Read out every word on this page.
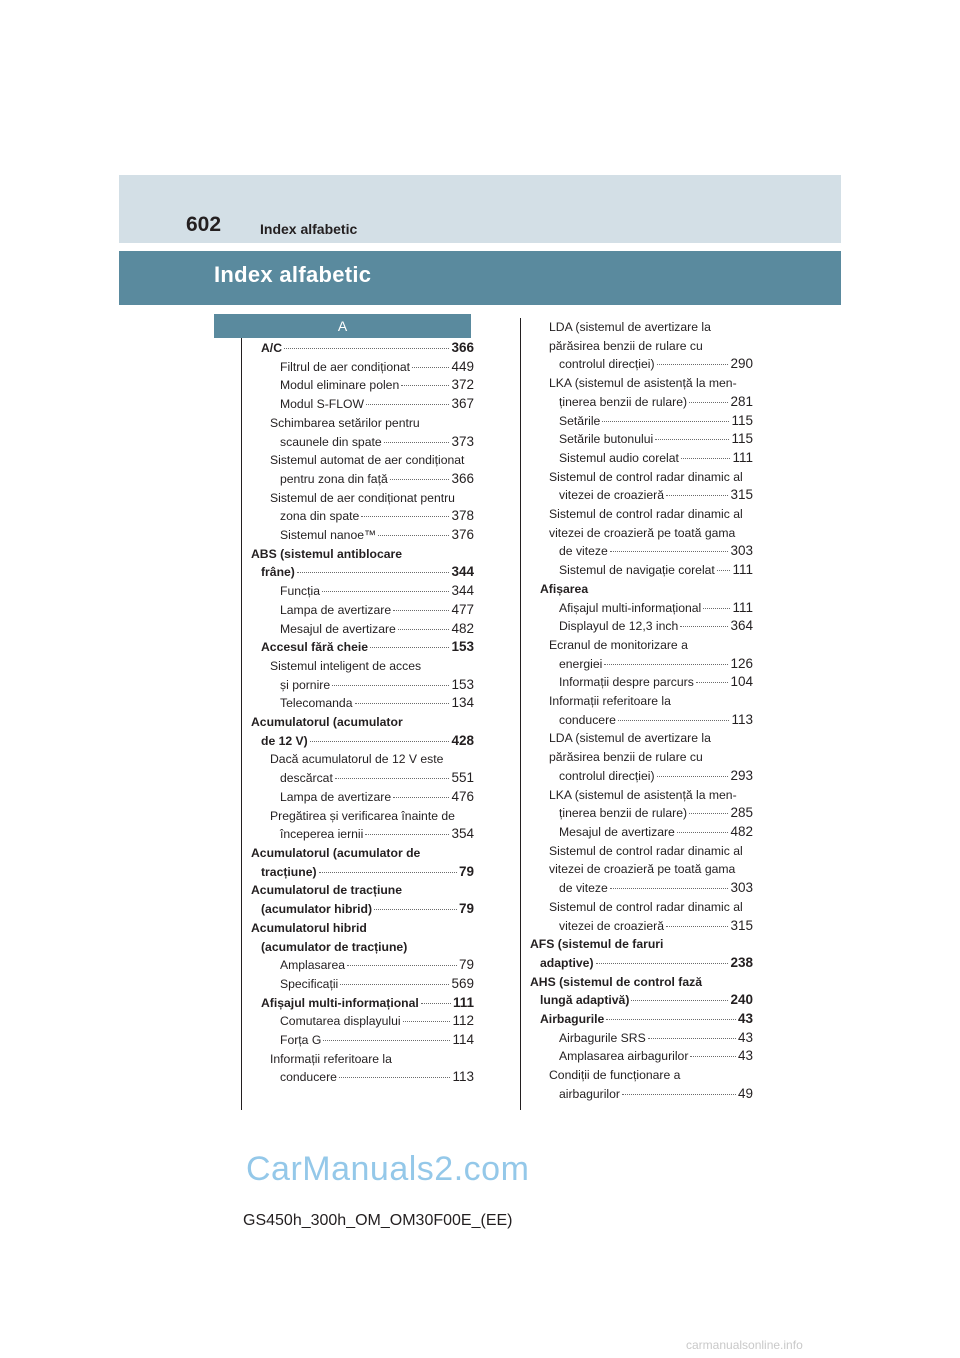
602	Index alfabetic
Index alfabetic
A
A/C	366
Filtrul de aer condiționat	449
Modul eliminare polen	372
Modul S-FLOW	367
Schimbarea setărilor pentru
scaunele din spate	373
Sistemul automat de aer condiționat
pentru zona din față	366
Sistemul de aer condiționat pentru
zona din spate	378
Sistemul nanoe™	376
ABS (sistemul antiblocare
frâne)	344
Funcția	344
Lampa de avertizare	477
Mesajul de avertizare	482
Accesul fără cheie	153
Sistemul inteligent de acces
și pornire	153
Telecomanda	134
Acumulatorul (acumulator
de 12 V)	428
Dacă acumulatorul de 12 V este
descărcat	551
Lampa de avertizare	476
Pregătirea și verificarea înainte de
începerea iernii	354
Acumulatorul (acumulator de
tracțiune)	79
Acumulatorul de tracțiune
(acumulator hibrid)	79
Acumulatorul hibrid
(acumulator de tracțiune)
Amplasarea	79
Specificații	569
Afișajul multi-informațional	111
Comutarea displayului	112
Forța G	114
Informații referitoare la
conducere	113
LDA (sistemul de avertizare la
părăsirea benzii de rulare cu
controlul direcției)	290
LKA (sistemul de asistență la men-
ținerea benzii de rulare)	281
Setările	115
Setările butonului	115
Sistemul audio corelat	111
Sistemul de control radar dinamic al
vitezei de croazieră	315
Sistemul de control radar dinamic al
vitezei de croazieră pe toată gama
de viteze	303
Sistemul de navigație corelat 111
Afișarea
Afișajul multi-informațional 111
Displayul de 12,3 inch	364
Ecranul de monitorizare a
energiei	126
Informații despre parcurs	104
Informații referitoare la
conducere	113
LDA (sistemul de avertizare la
părăsirea benzii de rulare cu
controlul direcției)	293
LKA (sistemul de asistență la men-
ținerea benzii de rulare)	285
Mesajul de avertizare	482
Sistemul de control radar dinamic al
vitezei de croazieră pe toată gama
de viteze	303
Sistemul de control radar dinamic al
vitezei de croazieră	315
AFS (sistemul de faruri
adaptive)	238
AHS (sistemul de control fază
lungă adaptivă)	240
Airbagurile	43
Airbagurile SRS	43
Amplasarea airbagurilor	43
Condiții de funcționare a
airbagurilor	49
CarManuals2.com
GS450h_300h_OM_OM30F00E_(EE)
carmanualsonline.info
